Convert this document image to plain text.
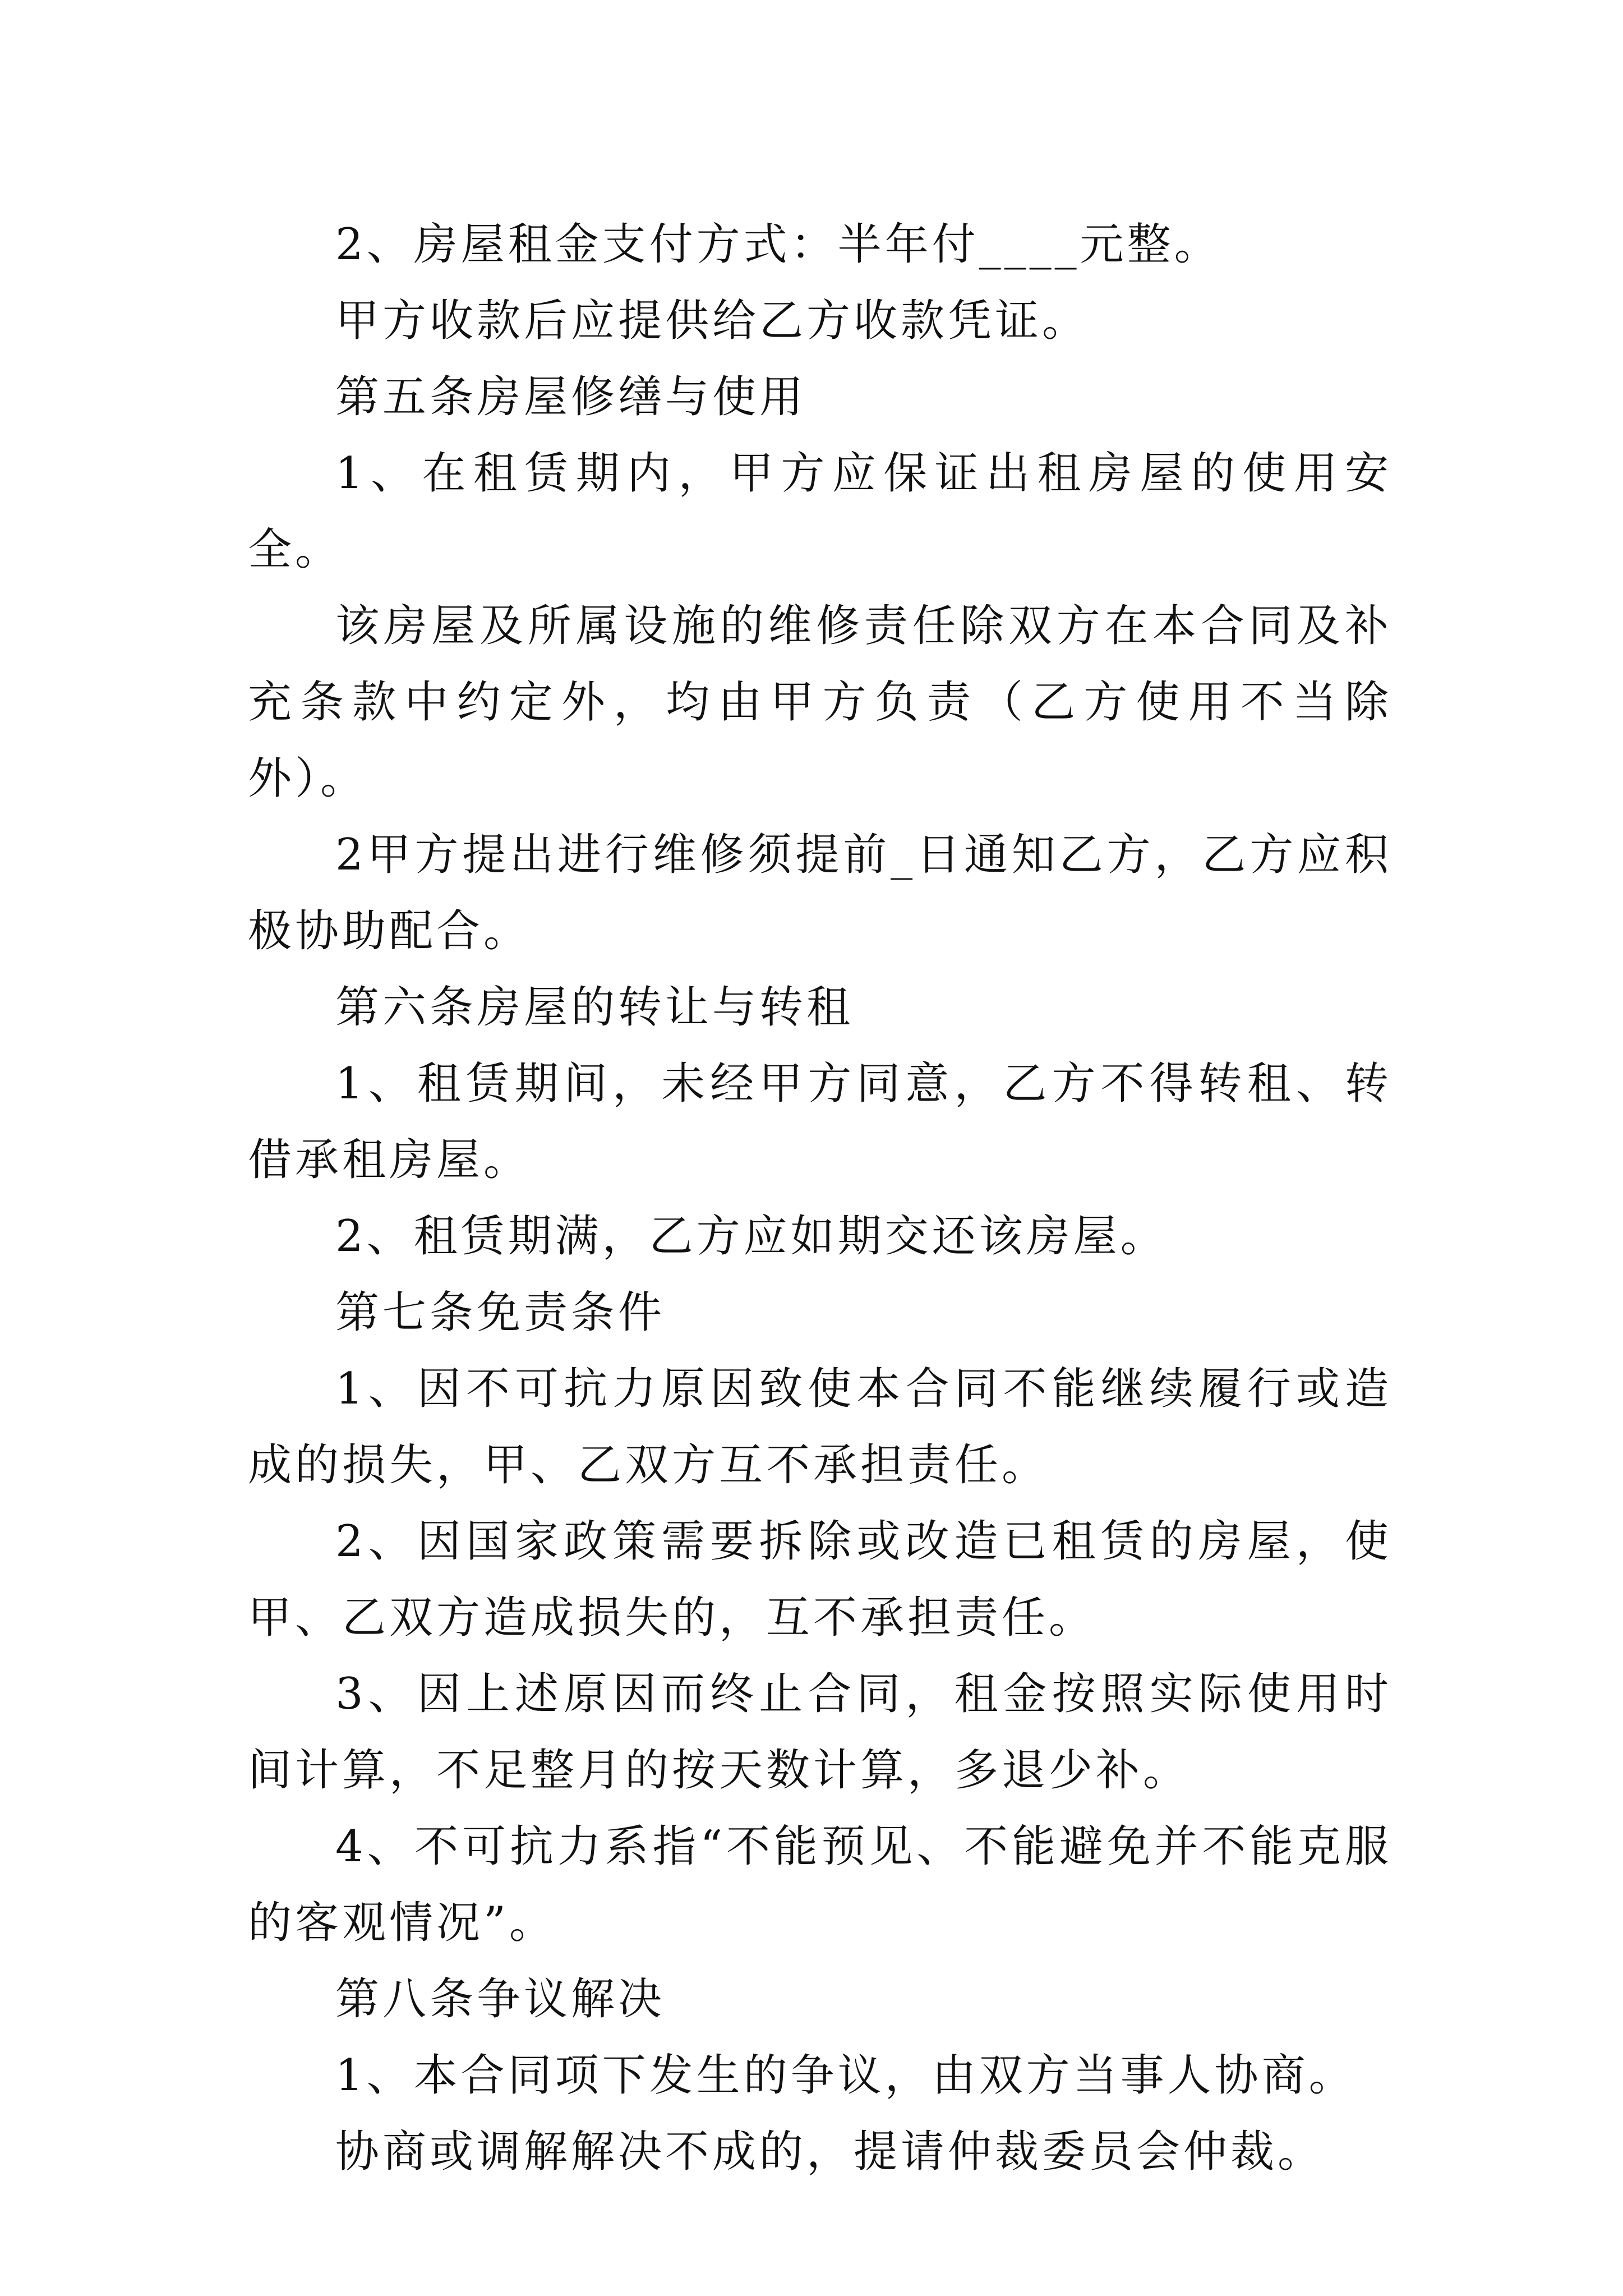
2、房屋租金支付方式：半年付____元整。

甲方收款后应提供给乙方收款凭证。

第五条房屋修缮与使用

1、在租赁期内，甲方应保证出租房屋的使用安全。

该房屋及所属设施的维修责任除双方在本合同及补充条款中约定外，均由甲方负责（乙方使用不当除外）。

2甲方提出进行维修须提前_日通知乙方，乙方应积极协助配合。

第六条房屋的转让与转租

1、租赁期间，未经甲方同意，乙方不得转租、转借承租房屋。

2、租赁期满，乙方应如期交还该房屋。

第七条免责条件

1、因不可抗力原因致使本合同不能继续履行或造成的损失，甲、乙双方互不承担责任。

2、因国家政策需要拆除或改造已租赁的房屋，使甲、乙双方造成损失的，互不承担责任。

3、因上述原因而终止合同，租金按照实际使用时间计算，不足整月的按天数计算，多退少补。

4、不可抗力系指“不能预见、不能避免并不能克服的客观情况”。

第八条争议解决

1、本合同项下发生的争议，由双方当事人协商。

协商或调解解决不成的，提请仲裁委员会仲裁。
